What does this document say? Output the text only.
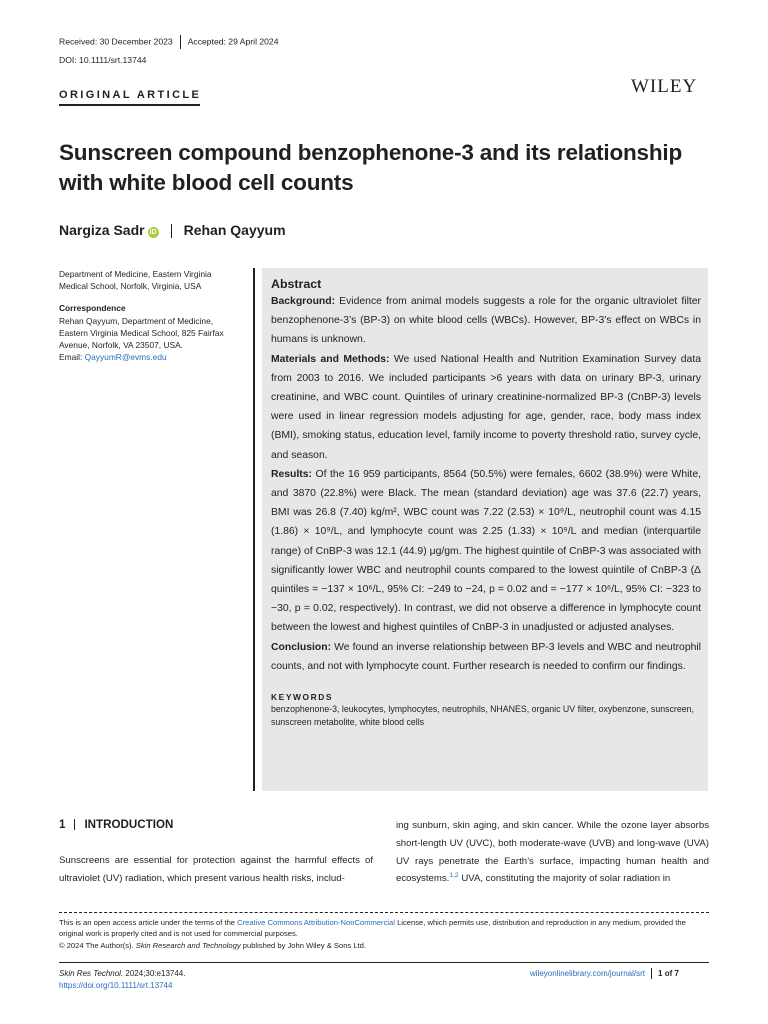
Received: 30 December 2023 Accepted: 29 April 2024
DOI: 10.1111/srt.13744
ORIGINAL ARTICLE	WILEY
Sunscreen compound benzophenone-3 and its relationship with white blood cell counts
Nargiza Sadr iD Rehan Qayyum
Department of Medicine, Eastern Virginia Medical School, Norfolk, Virginia, USA
Correspondence
Rehan Qayyum, Department of Medicine, Eastern Virginia Medical School, 825 Fairfax Avenue, Norfolk, VA 23507, USA.
Email: QayyumR@evms.edu
Abstract
Background: Evidence from animal models suggests a role for the organic ultraviolet filter benzophenone-3’s (BP-3) on white blood cells (WBCs). However, BP-3’s effect on WBCs in humans is unknown.
Materials and Methods: We used National Health and Nutrition Examination Survey data from 2003 to 2016. We included participants >6 years with data on urinary BP-3, urinary creatinine, and WBC count. Quintiles of urinary creatinine-normalized BP-3 (CnBP-3) levels were used in linear regression models adjusting for age, gender, race, body mass index (BMI), smoking status, education level, family income to poverty threshold ratio, survey cycle, and season.
Results: Of the 16 959 participants, 8564 (50.5%) were females, 6602 (38.9%) were White, and 3870 (22.8%) were Black. The mean (standard deviation) age was 37.6 (22.7) years, BMI was 26.8 (7.40) kg/m², WBC count was 7.22 (2.53) × 10⁹/L, neutrophil count was 4.15 (1.86) × 10⁹/L, and lymphocyte count was 2.25 (1.33) × 10⁹/L and median (interquartile range) of CnBP-3 was 12.1 (44.9) μg/gm. The highest quintile of CnBP-3 was associated with significantly lower WBC and neutrophil counts compared to the lowest quintile of CnBP-3 (Δ quintiles = −137 × 10⁶/L, 95% CI: −249 to −24, p = 0.02 and = −177 × 10⁶/L, 95% CI: −323 to −30, p = 0.02, respectively). In contrast, we did not observe a difference in lymphocyte count between the lowest and highest quintiles of CnBP-3 in unadjusted or adjusted analyses.
Conclusion: We found an inverse relationship between BP-3 levels and WBC and neutrophil counts, and not with lymphocyte count. Further research is needed to confirm our findings.
KEYWORDS
benzophenone-3, leukocytes, lymphocytes, neutrophils, NHANES, organic UV filter, oxybenzone, sunscreen, sunscreen metabolite, white blood cells
1 INTRODUCTION
Sunscreens are essential for protection against the harmful effects of ultraviolet (UV) radiation, which present various health risks, includ-
ing sunburn, skin aging, and skin cancer. While the ozone layer absorbs short-length UV (UVC), both moderate-wave (UVB) and long-wave (UVA) UV rays penetrate the Earth’s surface, impacting human health and ecosystems.$^{1,2}$ UVA, constituting the majority of solar radiation in
This is an open access article under the terms of the Creative Commons Attribution-NonCommercial License, which permits use, distribution and reproduction in any medium, provided the original work is properly cited and is not used for commercial purposes.
© 2024 The Author(s). Skin Research and Technology published by John Wiley & Sons Ltd.
Skin Res Technol. 2024;30:e13744.
https://doi.org/10.1111/srt.13744
wileyonlinelibrary.com/journal/srt 1 of 7
